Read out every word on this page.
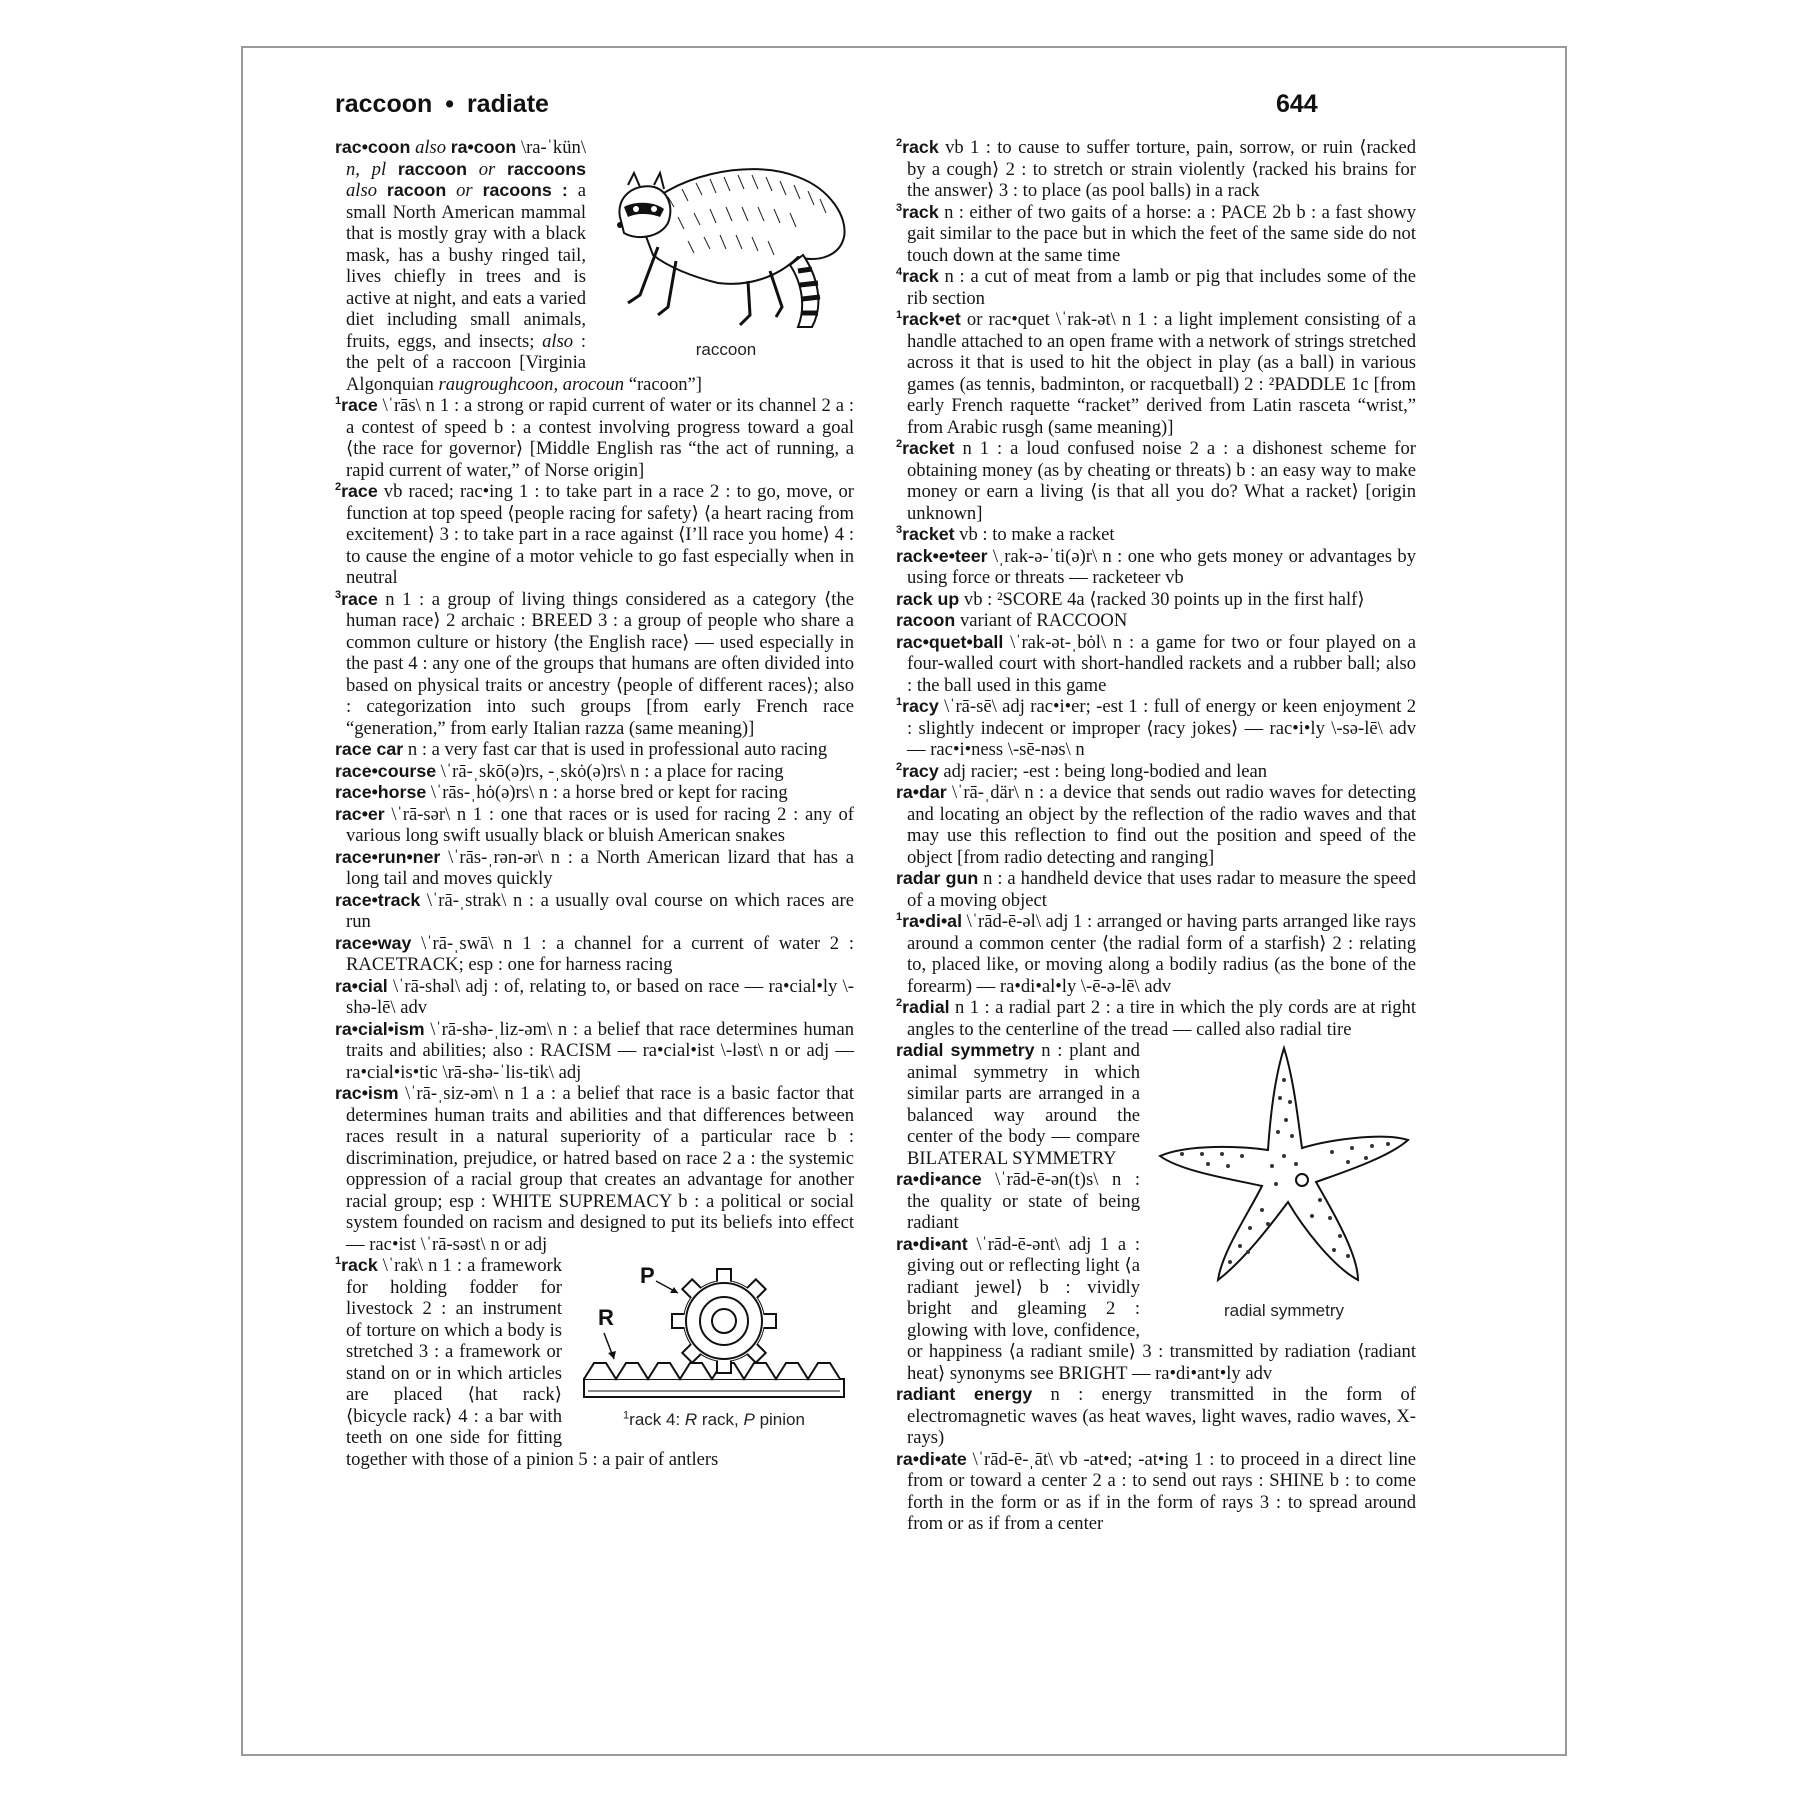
raccoon • radiate	644
raccoon

rac•coon also ra•coon \ra-ˈkün\ n, pl raccoon or raccoons also racoon or racoons : a small North American mammal that is mostly gray with a black mask, has a bushy ringed tail, lives chiefly in trees and is active at night, and eats a varied diet including small animals, fruits, eggs, and insects; also : the pelt of a raccoon [Virginia Algonquian raugroughcoon, arocoun “racoon”]

$^1$race \ˈrās\ n 1 : a strong or rapid current of water or its channel 2 a : a contest of speed b : a contest involving progress toward a goal ⟨the race for governor⟩ [Middle English ras “the act of running, a rapid current of water,” of Norse origin]

$^2$race vb raced; rac•ing 1 : to take part in a race 2 : to go, move, or function at top speed ⟨people racing for safety⟩ ⟨a heart racing from excitement⟩ 3 : to take part in a race against ⟨I’ll race you home⟩ 4 : to cause the engine of a motor vehicle to go fast especially when in neutral

$^3$race n 1 : a group of living things considered as a category ⟨the human race⟩ 2 archaic : BREED 3 : a group of people who share a common culture or history ⟨the English race⟩ — used especially in the past 4 : any one of the groups that humans are often divided into based on physical traits or ancestry ⟨people of different races⟩; also : categorization into such groups [from early French race “generation,” from early Italian razza (same meaning)]

race car n : a very fast car that is used in professional auto racing

race•course \ˈrā-ˌskō(ə)rs, -ˌskȯ(ə)rs\ n : a place for racing

race•horse \ˈrās-ˌhȯ(ə)rs\ n : a horse bred or kept for racing

rac•er \ˈrā-sər\ n 1 : one that races or is used for racing 2 : any of various long swift usually black or bluish American snakes

race•run•ner \ˈrās-ˌrən-ər\ n : a North American lizard that has a long tail and moves quickly

race•track \ˈrā-ˌstrak\ n : a usually oval course on which races are run

race•way \ˈrā-ˌswā\ n 1 : a channel for a current of water 2 : RACETRACK; esp : one for harness racing

ra•cial \ˈrā-shəl\ adj : of, relating to, or based on race — ra•cial•ly \-shə-lē\ adv

ra•cial•ism \ˈrā-shə-ˌliz-əm\ n : a belief that race determines human traits and abilities; also : RACISM — ra•cial•ist \-ləst\ n or adj — ra•cial•is•tic \rā-shə-ˈlis-tik\ adj

rac•ism \ˈrā-ˌsiz-əm\ n 1 a : a belief that race is a basic factor that determines human traits and abilities and that differences between races result in a natural superiority of a particular race b : discrimination, prejudice, or hatred based on race 2 a : the systemic oppression of a racial group that creates an advantage for another racial group; esp : WHITE SUPREMACY b : a political or social system founded on racism and designed to put its beliefs into effect — rac•ist \ˈrā-səst\ n or adj

P
R
$^1$rack 4: R rack, P pinion

$^1$rack \ˈrak\ n 1 : a framework for holding fodder for livestock 2 : an instrument of torture on which a body is stretched 3 : a framework or stand on or in which articles are placed ⟨hat rack⟩ ⟨bicycle rack⟩ 4 : a bar with teeth on one side for fitting together with those of a pinion 5 : a pair of antlers

$^2$rack vb 1 : to cause to suffer torture, pain, sorrow, or ruin ⟨racked by a cough⟩ 2 : to stretch or strain violently ⟨racked his brains for the answer⟩ 3 : to place (as pool balls) in a rack

$^3$rack n : either of two gaits of a horse: a : PACE 2b b : a fast showy gait similar to the pace but in which the feet of the same side do not touch down at the same time

$^4$rack n : a cut of meat from a lamb or pig that includes some of the rib section

$^1$rack•et or rac•quet \ˈrak-ət\ n 1 : a light implement consisting of a handle attached to an open frame with a network of strings stretched across it that is used to hit the object in play (as a ball) in various games (as tennis, badminton, or racquetball) 2 : ²PADDLE 1c [from early French raquette “racket” derived from Latin rasceta “wrist,” from Arabic rusgh (same meaning)]

$^2$racket n 1 : a loud confused noise 2 a : a dishonest scheme for obtaining money (as by cheating or threats) b : an easy way to make money or earn a living ⟨is that all you do? What a racket⟩ [origin unknown]

$^3$racket vb : to make a racket

rack•e•teer \ˌrak-ə-ˈti(ə)r\ n : one who gets money or advantages by using force or threats — racketeer vb

rack up vb : ²SCORE 4a ⟨racked 30 points up in the first half⟩

racoon variant of RACCOON

rac•quet•ball \ˈrak-ət-ˌbȯl\ n : a game for two or four played on a four-walled court with short-handled rackets and a rubber ball; also : the ball used in this game

$^1$racy \ˈrā-sē\ adj rac•i•er; -est 1 : full of energy or keen enjoyment 2 : slightly indecent or improper ⟨racy jokes⟩ — rac•i•ly \-sə-lē\ adv — rac•i•ness \-sē-nəs\ n

$^2$racy adj racier; -est : being long-bodied and lean

ra•dar \ˈrā-ˌdär\ n : a device that sends out radio waves for detecting and locating an object by the reflection of the radio waves and that may use this reflection to find out the position and speed of the object [from radio detecting and ranging]

radar gun n : a handheld device that uses radar to measure the speed of a moving object

$^1$ra•di•al \ˈrād-ē-əl\ adj 1 : arranged or having parts arranged like rays around a common center ⟨the radial form of a starfish⟩ 2 : relating to, placed like, or moving along a bodily radius (as the bone of the forearm) — ra•di•al•ly \-ē-ə-lē\ adv

$^2$radial n 1 : a radial part 2 : a tire in which the ply cords are at right angles to the centerline of the tread — called also radial tire

radial symmetry

radial symmetry n : plant and animal symmetry in which similar parts are arranged in a balanced way around the center of the body — compare BILATERAL SYMMETRY

ra•di•ance \ˈrād-ē-ən(t)s\ n : the quality or state of being radiant

ra•di•ant \ˈrād-ē-ənt\ adj 1 a : giving out or reflecting light ⟨a radiant jewel⟩ b : vividly bright and gleaming 2 : glowing with love, confidence, or happiness ⟨a radiant smile⟩ 3 : transmitted by radiation ⟨radiant heat⟩ synonyms see BRIGHT — ra•di•ant•ly adv

radiant energy n : energy transmitted in the form of electromagnetic waves (as heat waves, light waves, radio waves, X-rays)

ra•di•ate \ˈrād-ē-ˌāt\ vb -at•ed; -at•ing 1 : to proceed in a direct line from or toward a center 2 a : to send out rays : SHINE b : to come forth in the form or as if in the form of rays 3 : to spread around from or as if from a center
